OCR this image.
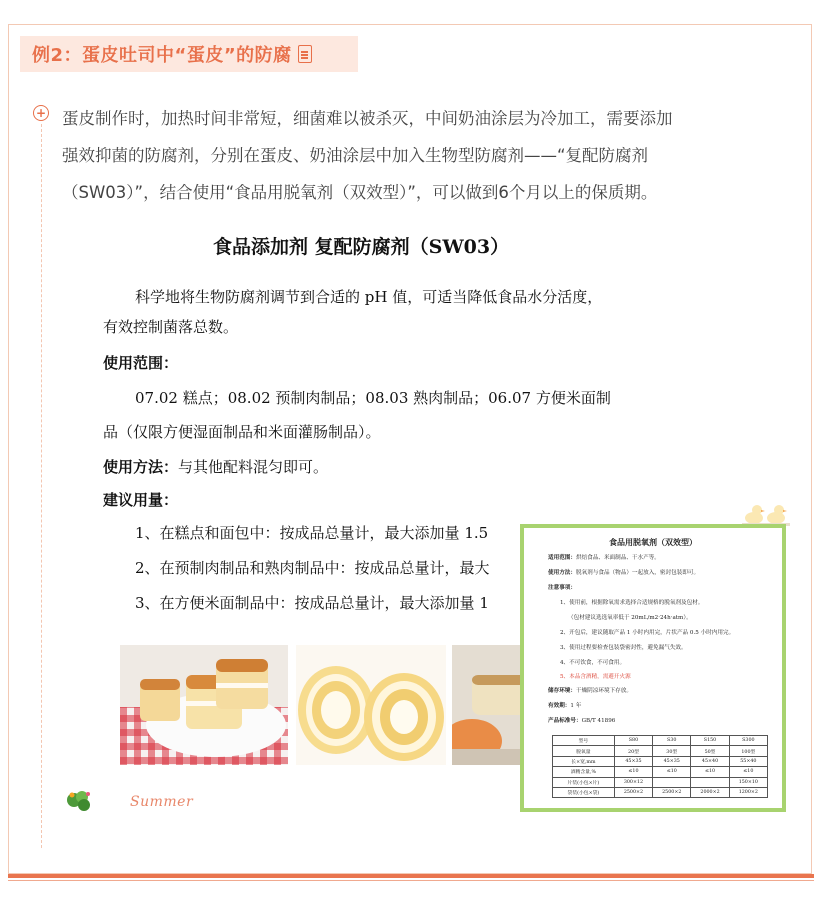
例2：蛋皮吐司中“蛋皮”的防腐
+ 蛋皮制作时，加热时间非常短，细菌难以被杀灭，中间奶油涂层为冷加工，需要添加
强效抑菌的防腐剂，分别在蛋皮、奶油涂层中加入生物型防腐剂——“复配防腐剂
（SW03）”，结合使用“食品用脱氧剂（双效型）”，可以做到6个月以上的保质期。
食品添加剂 复配防腐剂（SW03）
科学地将生物防腐剂调节到合适的 pH 值，可适当降低食品水分活度，
有效控制菌落总数。
使用范围：
07.02 糕点；08.02 预制肉制品；08.03 熟肉制品；06.07 方便米面制
品（仅限方便湿面制品和米面灌肠制品）。
使用方法：与其他配料混匀即可。
建议用量：
1、在糕点和面包中：按成品总量计，最大添加量 1.5
2、在预制肉制品和熟肉制品中：按成品总量计，最大
3、在方便米面制品中：按成品总量计，最大添加量 1
食品用脱氧剂（双效型）
适用范围：烘焙食品、米面制品、干水产等。
使用方法：脱氧剂与食品（物品）一起放入，密封包装即可。
注意事项：
1、使用前，根据除氧需求选择合适规格的脱氧剂及包材。
（包材建议选选氧率低于 20mL/m2·24h·atm）。
2、开包后，建议随取产品 1 小时内用完，片状产品 0.5 小时内用完。
3、使用过程要检查包装袋密封性，避免漏气失效。
4、不可饮食，不可食用。
5、本品含酒精，需避开火源
储存环境：干燥阴凉环境下存放。
有效期：1 年
产品标准号：GB/T 41896
型号	S80	S30	S150	S300
脱氧量	20型	30型	50型	100型
长×宽,mm	45×35	45×35	45×40	55×40
酒精含量,%	≤10	≤10	≤10	≤10
片装(小包×片)	300×12			150×10
袋装(小包×袋)	2500×2	2500×2	2000×2	1200×2
Summer
